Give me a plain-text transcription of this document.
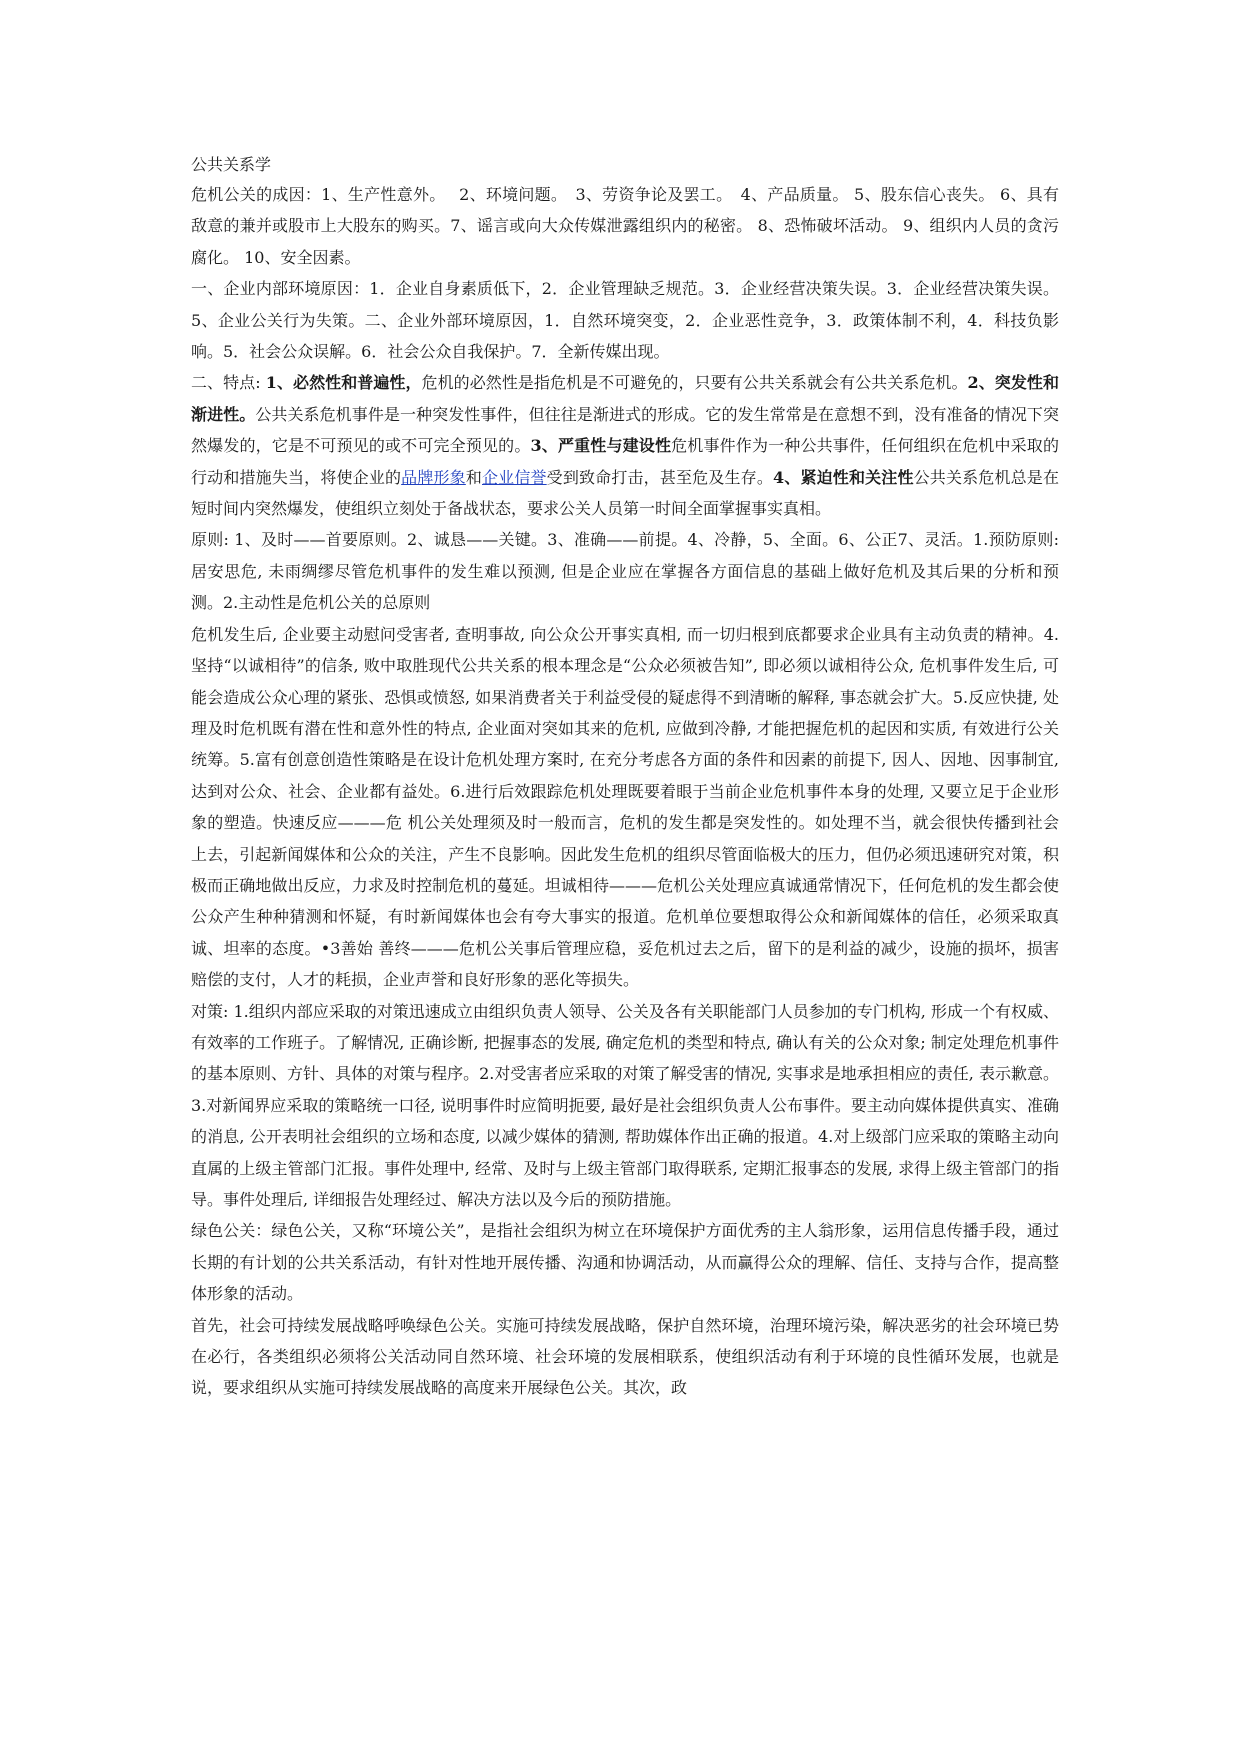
公共关系学

危机公关的成因：1、生产性意外。　 2、环境问题。　3、劳资争论及罢工。　4、产品质量。 5、股东信心丧失。 6、具有敌意的兼并或股市上大股东的购买。7、谣言或向大众传媒泄露组织内的秘密。 8、恐怖破坏活动。 9、组织内人员的贪污腐化。 10、安全因素。

一、企业内部环境原因：1．企业自身素质低下，2．企业管理缺乏规范。3．企业经营决策失误。3．企业经营决策失误。5、企业公关行为失策。二、企业外部环境原因，1．自然环境突变，2．企业恶性竞争，3．政策体制不利，4．科技负影响。5．社会公众误解。6．社会公众自我保护。7．全新传媒出现。

二、特点: 1、必然性和普遍性，危机的必然性是指危机是不可避免的，只要有公共关系就会有公共关系危机。2、突发性和渐进性。公共关系危机事件是一种突发性事件，但往往是渐进式的形成。它的发生常常是在意想不到，没有准备的情况下突然爆发的，它是不可预见的或不可完全预见的。3、严重性与建设性危机事件作为一种公共事件，任何组织在危机中采取的行动和措施失当，将使企业的品牌形象和企业信誉受到致命打击，甚至危及生存。4、紧迫性和关注性公共关系危机总是在短时间内突然爆发，使组织立刻处于备战状态，要求公关人员第一时间全面掌握事实真相。

原则: 1、及时——首要原则。2、诚恳——关键。3、准确——前提。4、冷静，5、全面。6、公正7、灵活。1.预防原则: 居安思危, 未雨绸缪尽管危机事件的发生难以预测, 但是企业应在掌握各方面信息的基础上做好危机及其后果的分析和预测。2.主动性是危机公关的总原则

危机发生后, 企业要主动慰问受害者, 查明事故, 向公众公开事实真相, 而一切归根到底都要求企业具有主动负责的精神。4.坚持“以诚相待”的信条, 败中取胜现代公共关系的根本理念是“公众必须被告知”, 即必须以诚相待公众, 危机事件发生后, 可能会造成公众心理的紧张、恐惧或愤怒, 如果消费者关于利益受侵的疑虑得不到清晰的解释, 事态就会扩大。5.反应快捷, 处理及时危机既有潜在性和意外性的特点, 企业面对突如其来的危机, 应做到冷静, 才能把握危机的起因和实质, 有效进行公关统筹。5.富有创意创造性策略是在设计危机处理方案时, 在充分考虑各方面的条件和因素的前提下, 因人、因地、因事制宜, 达到对公众、社会、企业都有益处。6.进行后效跟踪危机处理既要着眼于当前企业危机事件本身的处理, 又要立足于企业形象的塑造。快速反应———危 机公关处理须及时一般而言，危机的发生都是突发性的。如处理不当，就会很快传播到社会上去，引起新闻媒体和公众的关注，产生不良影响。因此发生危机的组织尽管面临极大的压力，但仍必须迅速研究对策，积极而正确地做出反应，力求及时控制危机的蔓延。坦诚相待———危机公关处理应真诚通常情况下，任何危机的发生都会使公众产生种种猜测和怀疑，有时新闻媒体也会有夸大事实的报道。危机单位要想取得公众和新闻媒体的信任，必须采取真诚、坦率的态度。•3善始 善终———危机公关事后管理应稳，妥危机过去之后，留下的是利益的减少，设施的损坏，损害赔偿的支付，人才的耗损，企业声誉和良好形象的恶化等损失。

对策: 1.组织内部应采取的对策迅速成立由组织负责人领导、公关及各有关职能部门人员参加的专门机构, 形成一个有权威、有效率的工作班子。了解情况, 正确诊断, 把握事态的发展, 确定危机的类型和特点, 确认有关的公众对象; 制定处理危机事件的基本原则、方针、具体的对策与程序。2.对受害者应采取的对策了解受害的情况, 实事求是地承担相应的责任, 表示歉意。3.对新闻界应采取的策略统一口径, 说明事件时应简明扼要, 最好是社会组织负责人公布事件。要主动向媒体提供真实、准确的消息, 公开表明社会组织的立场和态度, 以减少媒体的猜测, 帮助媒体作出正确的报道。4.对上级部门应采取的策略主动向直属的上级主管部门汇报。事件处理中, 经常、及时与上级主管部门取得联系, 定期汇报事态的发展, 求得上级主管部门的指导。事件处理后, 详细报告处理经过、解决方法以及今后的预防措施。

绿色公关：绿色公关，又称“环境公关”，是指社会组织为树立在环境保护方面优秀的主人翁形象，运用信息传播手段，通过长期的有计划的公共关系活动，有针对性地开展传播、沟通和协调活动，从而赢得公众的理解、信任、支持与合作，提高整体形象的活动。

首先，社会可持续发展战略呼唤绿色公关。实施可持续发展战略，保护自然环境，治理环境污染，解决恶劣的社会环境已势在必行，各类组织必须将公关活动同自然环境、社会环境的发展相联系，使组织活动有利于环境的良性循环发展，也就是说，要求组织从实施可持续发展战略的高度来开展绿色公关。其次，政
